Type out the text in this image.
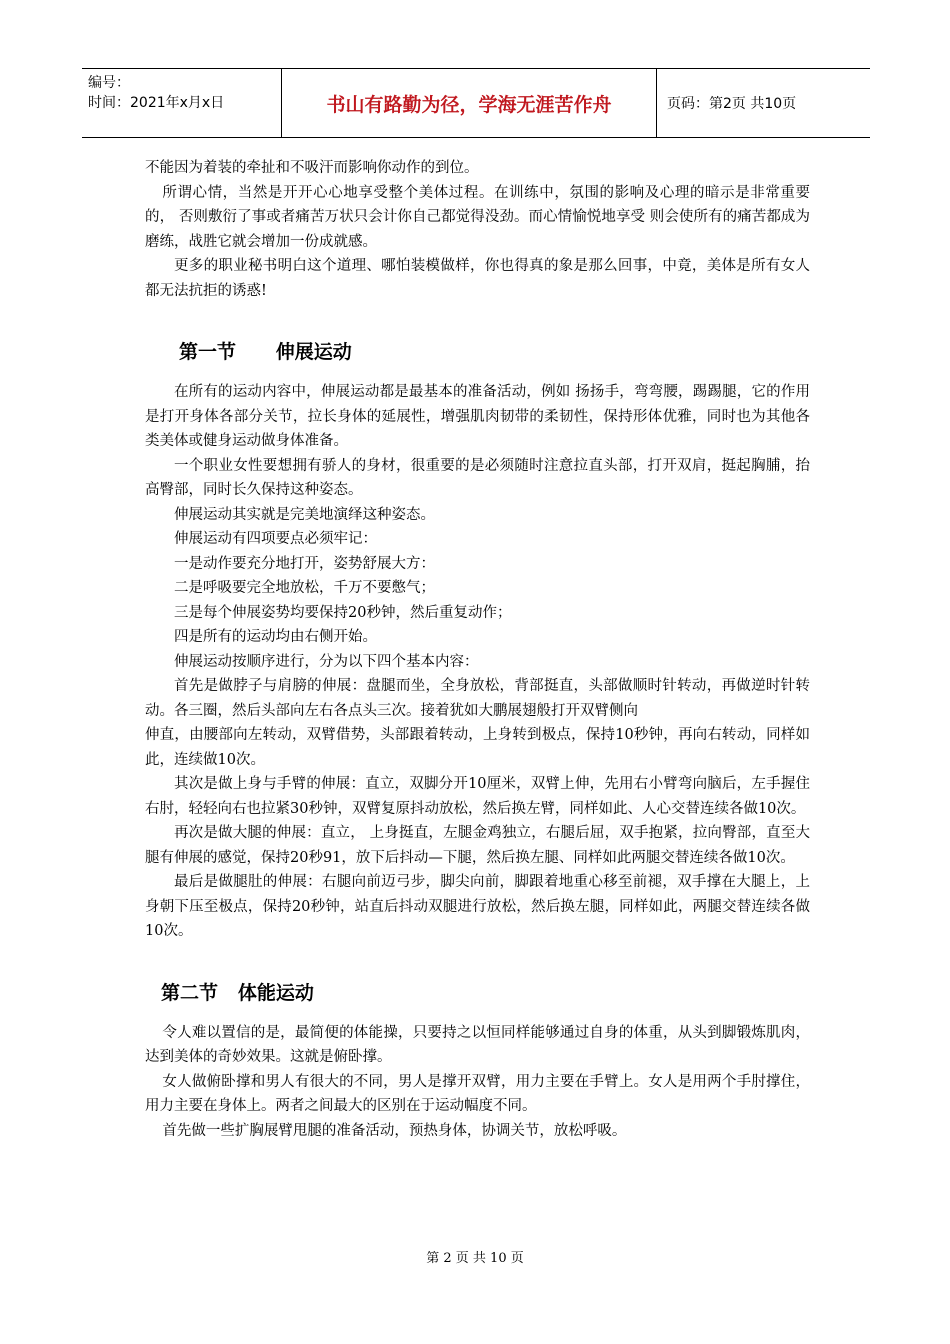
编号：
时间：2021年x月x日	书山有路勤为径，学海无涯苦作舟	页码：第2页 共10页

不能因为着装的牵扯和不吸汗而影响你动作的到位。

所谓心情，当然是开开心心地享受整个美体过程。在训练中，氛围的影响及心理的暗示是非常重要的， 否则敷衍了事或者痛苦万状只会计你自己都觉得没劲。而心情愉悦地享受 则会使所有的痛苦都成为磨练，战胜它就会增加一份成就感。

更多的职业秘书明白这个道理、哪怕装模做样，你也得真的象是那么回事，中竟，美体是所有女人都无法抗拒的诱惑!

第一节      伸展运动

在所有的运动内容中，伸展运动都是最基本的准备活动，例如 扬扬手，弯弯腰，踢踢腿，它的作用是打开身体各部分关节，拉长身体的延展性，增强肌肉韧带的柔韧性，保持形体优雅，同时也为其他各类美体或健身运动做身体准备。

一个职业女性要想拥有骄人的身材，很重要的是必须随时注意拉直头部，打开双肩，挺起胸脯，抬高臀部，同时长久保持这种姿态。

伸展运动其实就是完美地演绎这种姿态。

伸展运动有四项要点必须牢记：

一是动作要充分地打开，姿势舒展大方：

二是呼吸要完全地放松，千万不要憋气；

三是每个伸展姿势均要保持20秒钟，然后重复动作；

四是所有的运动均由右侧开始。

伸展运动按顺序进行，分为以下四个基本内容：

首先是做脖子与肩膀的伸展：盘腿而坐，全身放松，背部挺直，头部做顺时针转动，再做逆时针转动。各三圈，然后头部向左右各点头三次。接着犹如大鹏展翅般打开双臂侧向

伸直，由腰部向左转动，双臂借势，头部跟着转动，上身转到极点，保持10秒钟，再向右转动，同样如此，连续做10次。

其次是做上身与手臂的伸展：直立，双脚分开10厘米，双臂上伸，先用右小臂弯向脑后，左手握住右肘，轻轻向右也拉紧30秒钟，双臂复原抖动放松，然后换左臂，同样如此、人心交替连续各做10次。

再次是做大腿的伸展：直立， 上身挺直，左腿金鸡独立，右腿后屈，双手抱紧，拉向臀部，直至大腿有伸展的感觉，保持20秒91，放下后抖动—下腿，然后换左腿、同样如此两腿交替连续各做10次。

最后是做腿肚的伸展：右腿向前迈弓步，脚尖向前，脚跟着地重心移至前褪，双手撑在大腿上，上身朝下压至极点，保持20秒钟，站直后抖动双腿进行放松，然后换左腿，同样如此，两腿交替连续各做10次。

第二节   体能运动

令人难以置信的是，最简便的体能操，只要持之以恒同样能够通过自身的体重，从头到脚锻炼肌肉，达到美体的奇妙效果。这就是俯卧撑。

女人做俯卧撑和男人有很大的不同，男人是撑开双臂，用力主要在手臂上。女人是用两个手肘撑住，用力主要在身体上。两者之间最大的区别在于运动幅度不同。

首先做一些扩胸展臂甩腿的准备活动，预热身体，协调关节，放松呼吸。

第 2 页 共 10 页
